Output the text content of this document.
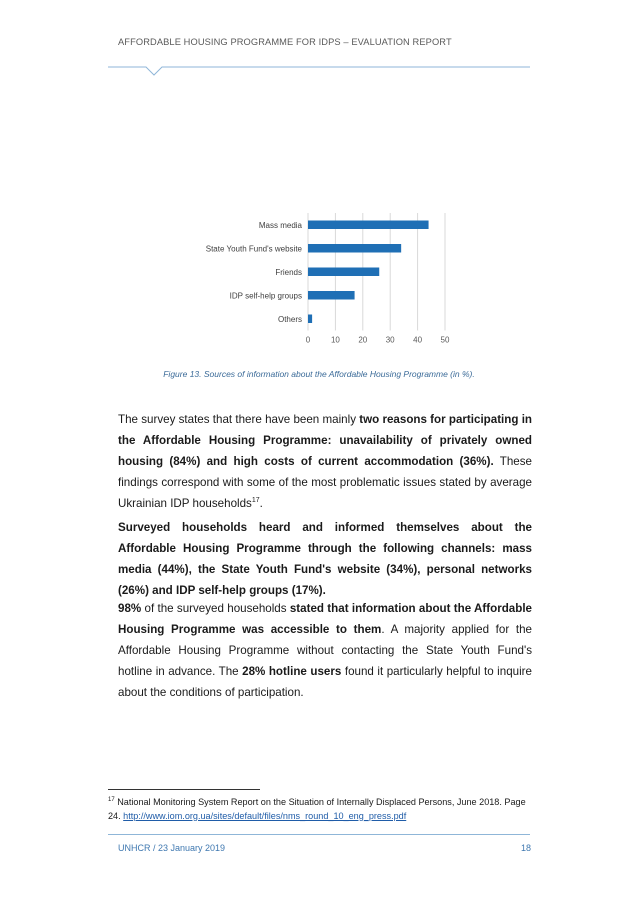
AFFORDABLE HOUSING PROGRAMME FOR IDPS – EVALUATION REPORT
0	10 20 30 40 50
Mass media
State Youth Fund's website
Friends
IDP self-help groups
Others
Figure 13. Sources of information about the Affordable Housing Programme (in %).
The survey states that there have been mainly two reasons for participating in the Affordable Housing Programme: unavailability of privately owned housing (84%) and high costs of current accommodation (36%). These findings correspond with some of the most problematic issues stated by average Ukrainian IDP households$^{17}$.
Surveyed households heard and informed themselves about the Affordable Housing Programme through the following channels: mass media (44%), the State Youth Fund's website (34%), personal networks (26%) and IDP self-help groups (17%).
98% of the surveyed households stated that information about the Affordable Housing Programme was accessible to them. A majority applied for the Affordable Housing Programme without contacting the State Youth Fund's hotline in advance. The 28% hotline users found it particularly helpful to inquire about the conditions of participation.
$^{17}$ National Monitoring System Report on the Situation of Internally Displaced Persons, June 2018. Page 24. http://www.iom.org.ua/sites/default/files/nms_round_10_eng_press.pdf
UNHCR / 23 January 2019	18
